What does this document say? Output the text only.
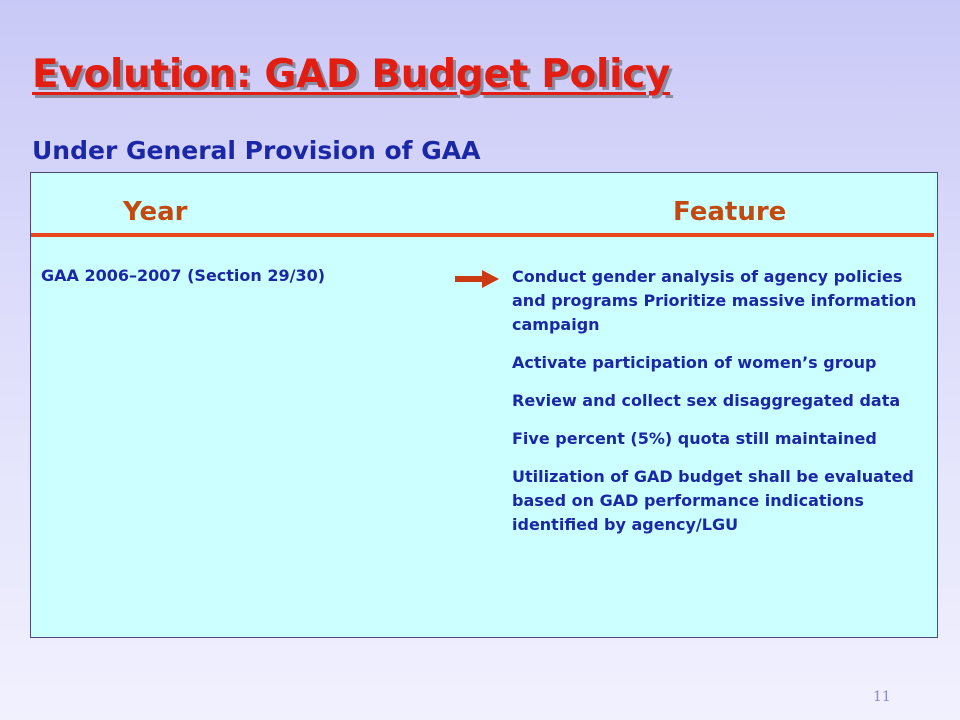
Evolution: GAD Budget Policy
Under General Provision of GAA
Year	Feature
GAA 2006–2007 (Section 29/30)	Conduct gender analysis of agency policies and programs Prioritize massive information campaign
Activate participation of women’s group
Review and collect sex disaggregated data
Five percent (5%) quota still maintained
Utilization of GAD budget shall be evaluated based on GAD performance indications identified by agency/LGU
11
